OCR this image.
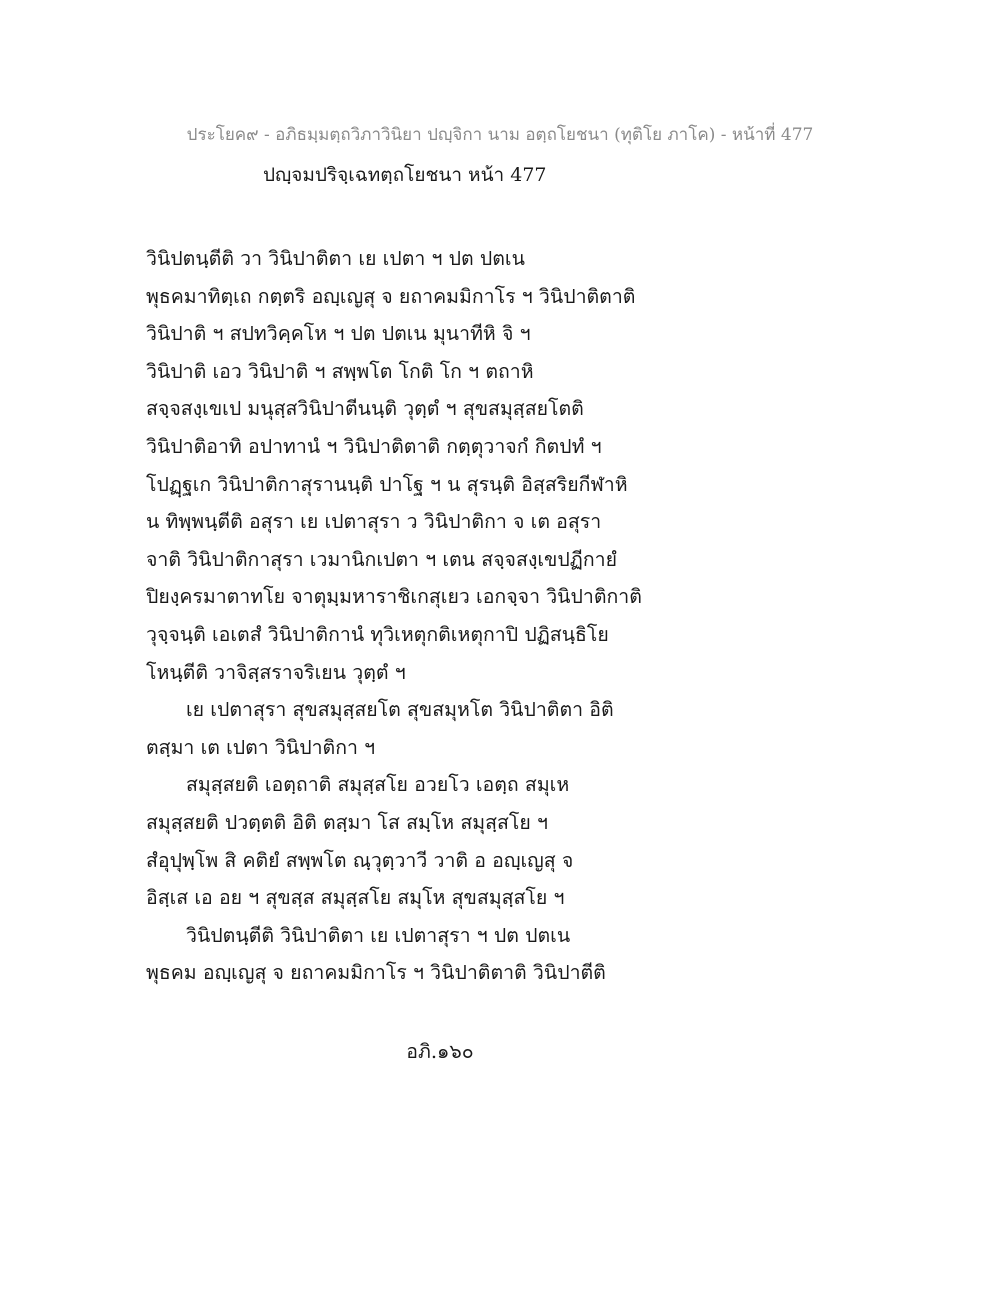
ประโยค๙ - อภิธมฺมตฺถวิภาวินิยา ปญฺจิกา นาม อตฺถโยชนา (ทุติโย ภาโค) - หน้าที่ 477
ปญฺจมปริจฺเฉทตฺถโยชนา หน้า 477
วินิปตนฺตีติ วา วินิปาติตา เย เปตา ฯ ปต ปตเน
พุธคมาทิตฺเถ กตฺตริ อญฺเญสุ จ ยถาคมมิกาโร ฯ วินิปาติตาติ
วินิปาติ ฯ สปทวิคฺคโห ฯ ปต ปตเน มุนาทีหิ จิ ฯ
วินิปาติ เอว วินิปาติ ฯ สพฺพโต โกติ โก ฯ ตถาหิ
สจฺจสงฺเขเป มนุสฺสวินิปาตีนนฺติ วุตฺตํ ฯ สุขสมุสฺสยโตติ
วินิปาติอาทิ อปาทานํ ฯ วินิปาติตาติ กตฺตุวาจกํ กิตปทํ ฯ
โปฏฺฐเก วินิปาติกาสุรานนฺติ ปาโฐ ฯ น สุรนฺติ อิสฺสริยกีฬาหิ
น ทิพฺพนฺตีติ อสุรา เย เปตาสุรา ว วินิปาติกา จ เต อสุรา
จาติ วินิปาติกาสุรา เวมานิกเปตา ฯ เตน สจฺจสงฺเขปฏีกายํ
ปิยงฺครมาตาทโย จาตุมฺมหาราชิเกสุเยว เอกจฺจา วินิปาติกาติ
วุจฺจนฺติ เอเตสํ วินิปาติกานํ ทุวิเหตุกติเหตุกาปิ ปฏิสนฺธิโย
โหนฺตีติ วาจิสฺสราจริเยน วุตฺตํ ฯ
เย เปตาสุรา สุขสมุสฺสยโต สุขสมุหโต วินิปาติตา อิติ
ตสฺมา เต เปตา วินิปาติกา ฯ
สมุสฺสยติ เอตฺถาติ สมุสฺสโย อวยโว เอตฺถ สมุเห
สมุสฺสยติ ปวตฺตติ อิติ ตสฺมา โส สมฺโห สมุสฺสโย ฯ
สํอุปุพฺโพ สิ คติยํ สพฺพโต ณฺวุตฺวาวี วาติ อ อญฺเญสุ จ
อิสฺเส เอ อย ฯ สุขสฺส สมุสฺสโย สมุโห สุขสมุสฺสโย ฯ
วินิปตนฺตีติ วินิปาติตา เย เปตาสุรา ฯ ปต ปตเน
พุธคม อญฺเญสุ จ ยถาคมมิกาโร ฯ วินิปาติตาติ วินิปาตีติ
อภิ.๑๖๐
